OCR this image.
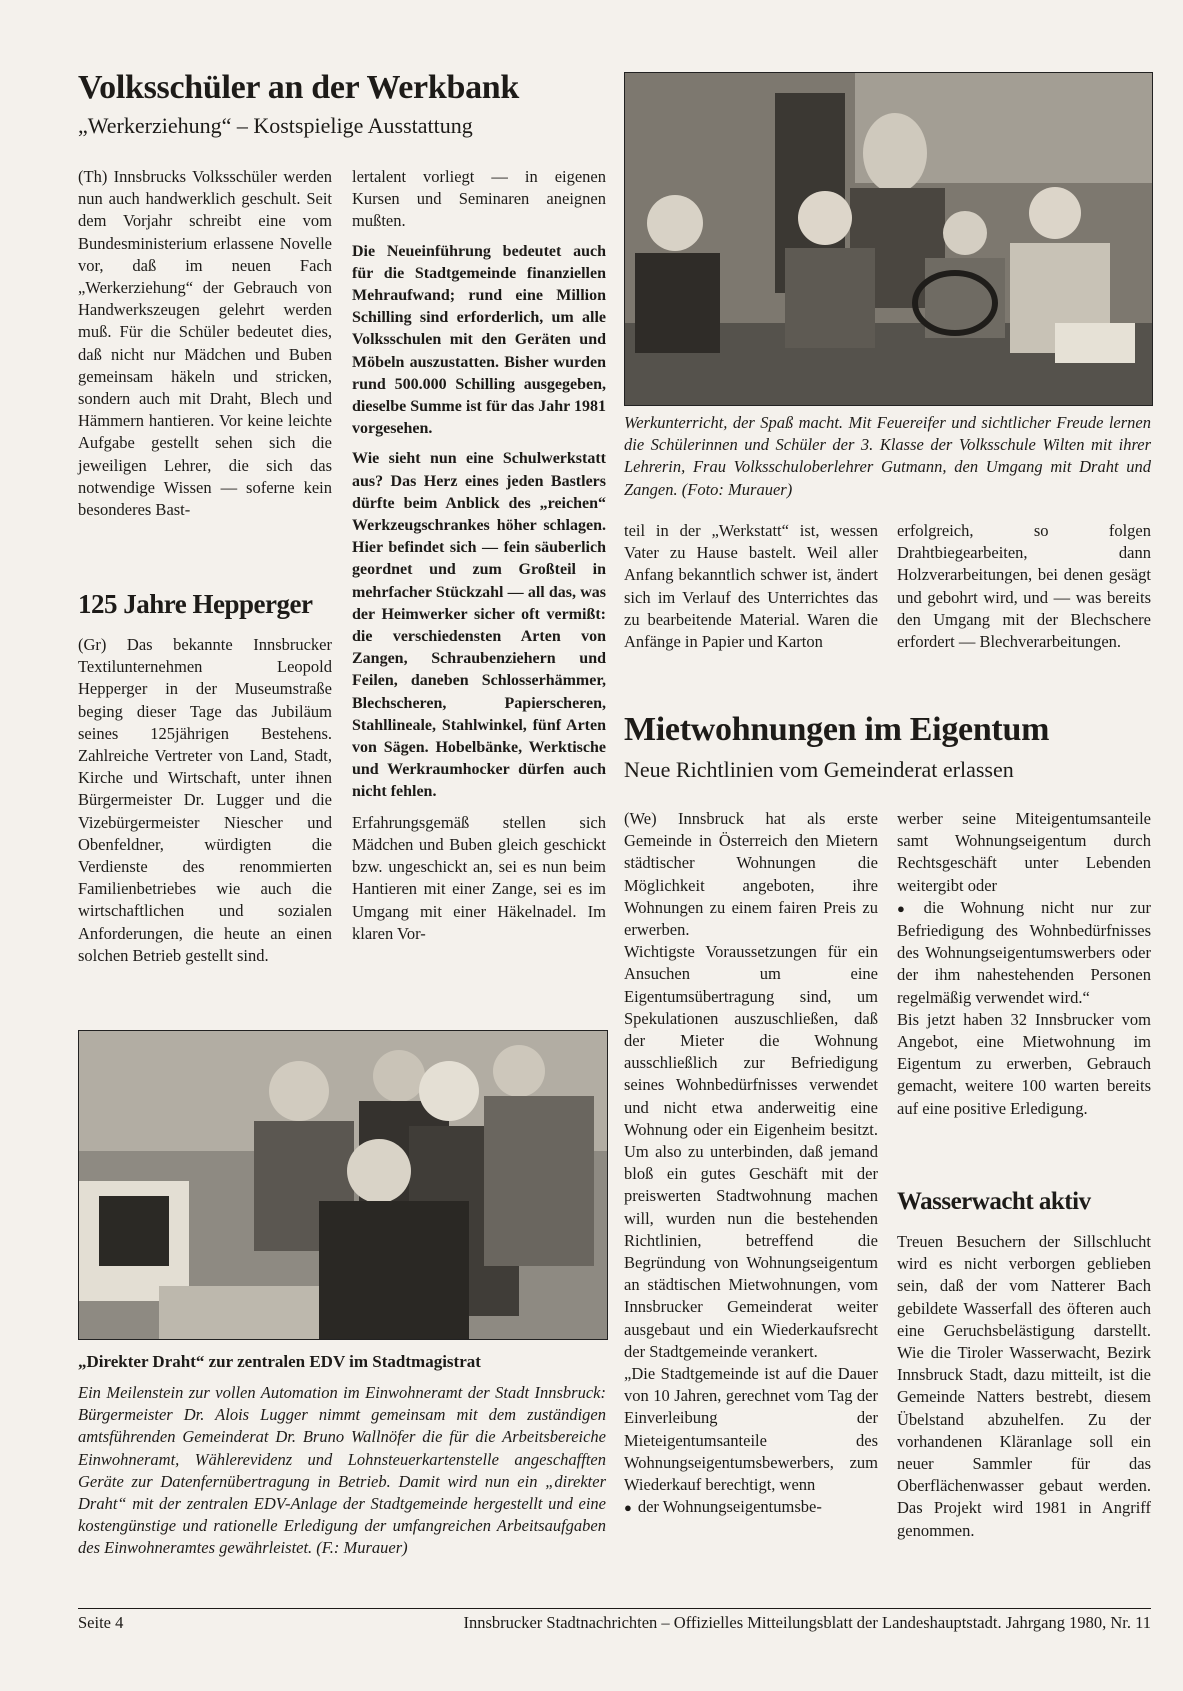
Volksschüler an der Werkbank

„Werkerziehung“ – Kostspielige Ausstattung

(Th) Innsbrucks Volksschüler werden nun auch handwerklich geschult. Seit dem Vorjahr schreibt eine vom Bundesministerium erlassene Novelle vor, daß im neuen Fach „Werkerziehung“ der Gebrauch von Handwerkszeugen gelehrt werden muß. Für die Schüler bedeutet dies, daß nicht nur Mädchen und Buben gemeinsam häkeln und stricken, sondern auch mit Draht, Blech und Hämmern hantieren. Vor keine leichte Aufgabe gestellt sehen sich die jeweiligen Lehrer, die sich das notwendige Wissen — soferne kein besonderes Bast-
125 Jahre Hepperger
(Gr) Das bekannte Innsbrucker Textilunternehmen Leopold Hepperger in der Museumstraße beging dieser Tage das Jubiläum seines 125jährigen Bestehens. Zahlreiche Vertreter von Land, Stadt, Kirche und Wirtschaft, unter ihnen Bürgermeister Dr. Lugger und die Vizebürgermeister Niescher und Obenfeldner, würdigten die Verdienste des renommierten Familienbetriebes wie auch die wirtschaftlichen und sozialen Anforderungen, die heute an einen solchen Betrieb gestellt sind.

lertalent vorliegt — in eigenen Kursen und Seminaren aneignen mußten.

Die Neueinführung bedeutet auch für die Stadtgemeinde finanziellen Mehraufwand; rund eine Million Schilling sind erforderlich, um alle Volksschulen mit den Geräten und Möbeln auszustatten. Bisher wurden rund 500.000 Schilling ausgegeben, dieselbe Summe ist für das Jahr 1981 vorgesehen.

Wie sieht nun eine Schulwerkstatt aus? Das Herz eines jeden Bastlers dürfte beim Anblick des „reichen“ Werkzeugschrankes höher schlagen. Hier befindet sich — fein säuberlich geordnet und zum Großteil in mehrfacher Stückzahl — all das, was der Heimwerker sicher oft vermißt: die verschiedensten Arten von Zangen, Schraubenziehern und Feilen, daneben Schlosserhämmer, Blechscheren, Papierscheren, Stahllineale, Stahlwinkel, fünf Arten von Sägen. Hobelbänke, Werktische und Werkraumhocker dürfen auch nicht fehlen.

Erfahrungsgemäß stellen sich Mädchen und Buben gleich geschickt bzw. ungeschickt an, sei es nun beim Hantieren mit einer Zange, sei es im Umgang mit einer Häkelnadel. Im klaren Vor-

Werkunterricht, der Spaß macht. Mit Feuereifer und sichtlicher Freude lernen die Schülerinnen und Schüler der 3. Klasse der Volksschule Wilten mit ihrer Lehrerin, Frau Volksschuloberlehrer Gutmann, den Umgang mit Draht und Zangen. (Foto: Murauer)
teil in der „Werkstatt“ ist, wessen Vater zu Hause bastelt. Weil aller Anfang bekanntlich schwer ist, ändert sich im Verlauf des Unterrichtes das zu bearbeitende Material. Waren die Anfänge in Papier und Karton
erfolgreich, so folgen Drahtbiegearbeiten, dann Holzverarbeitungen, bei denen gesägt und gebohrt wird, und — was bereits den Umgang mit der Blechschere erfordert — Blechverarbeitungen.
Mietwohnungen im Eigentum

Neue Richtlinien vom Gemeinderat erlassen

(We) Innsbruck hat als erste Gemeinde in Österreich den Mietern städtischer Wohnungen die Möglichkeit angeboten, ihre Wohnungen zu einem fairen Preis zu erwerben.

Wichtigste Voraussetzungen für ein Ansuchen um eine Eigentumsübertragung sind, um Spekulationen auszuschließen, daß der Mieter die Wohnung ausschließlich zur Befriedigung seines Wohnbedürfnisses verwendet und nicht etwa anderweitig eine Wohnung oder ein Eigenheim besitzt. Um also zu unterbinden, daß jemand bloß ein gutes Geschäft mit der preiswerten Stadtwohnung machen will, wurden nun die bestehenden Richtlinien, betreffend die Begründung von Wohnungseigentum an städtischen Mietwohnungen, vom Innsbrucker Gemeinderat weiter ausgebaut und ein Wiederkaufsrecht der Stadtgemeinde verankert.

„Die Stadtgemeinde ist auf die Dauer von 10 Jahren, gerechnet vom Tag der Einverleibung der Mieteigentumsanteile des Wohnungseigentumsbewerbers, zum Wiederkauf berechtigt, wenn

● der Wohnungseigentumsbe-

werber seine Miteigentumsanteile samt Wohnungseigentum durch Rechtsgeschäft unter Lebenden weitergibt oder

● die Wohnung nicht nur zur Befriedigung des Wohnbedürfnisses des Wohnungseigentumswerbers oder der ihm nahestehenden Personen regelmäßig verwendet wird.“

Bis jetzt haben 32 Innsbrucker vom Angebot, eine Mietwohnung im Eigentum zu erwerben, Gebrauch gemacht, weitere 100 warten bereits auf eine positive Erledigung.

Wasserwacht aktiv
Treuen Besuchern der Sillschlucht wird es nicht verborgen geblieben sein, daß der vom Natterer Bach gebildete Wasserfall des öfteren auch eine Geruchsbelästigung darstellt. Wie die Tiroler Wasserwacht, Bezirk Innsbruck Stadt, dazu mitteilt, ist die Gemeinde Natters bestrebt, diesem Übelstand abzuhelfen. Zu der vorhandenen Kläranlage soll ein neuer Sammler für das Oberflächenwasser gebaut werden. Das Projekt wird 1981 in Angriff genommen.

„Direkter Draht“ zur zentralen EDV im Stadtmagistrat

Ein Meilenstein zur vollen Automation im Einwohneramt der Stadt Innsbruck: Bürgermeister Dr. Alois Lugger nimmt gemeinsam mit dem zuständigen amtsführenden Gemeinderat Dr. Bruno Wallnöfer die für die Arbeitsbereiche Einwohneramt, Wählerevidenz und Lohnsteuerkartenstelle angeschafften Geräte zur Datenfernübertragung in Betrieb. Damit wird nun ein „direkter Draht“ mit der zentralen EDV-Anlage der Stadtgemeinde hergestellt und eine kostengünstige und rationelle Erledigung der umfangreichen Arbeitsaufgaben des Einwohneramtes gewährleistet. (F.: Murauer)
Seite 4	Innsbrucker Stadtnachrichten – Offizielles Mitteilungsblatt der Landeshauptstadt. Jahrgang 1980, Nr. 11
